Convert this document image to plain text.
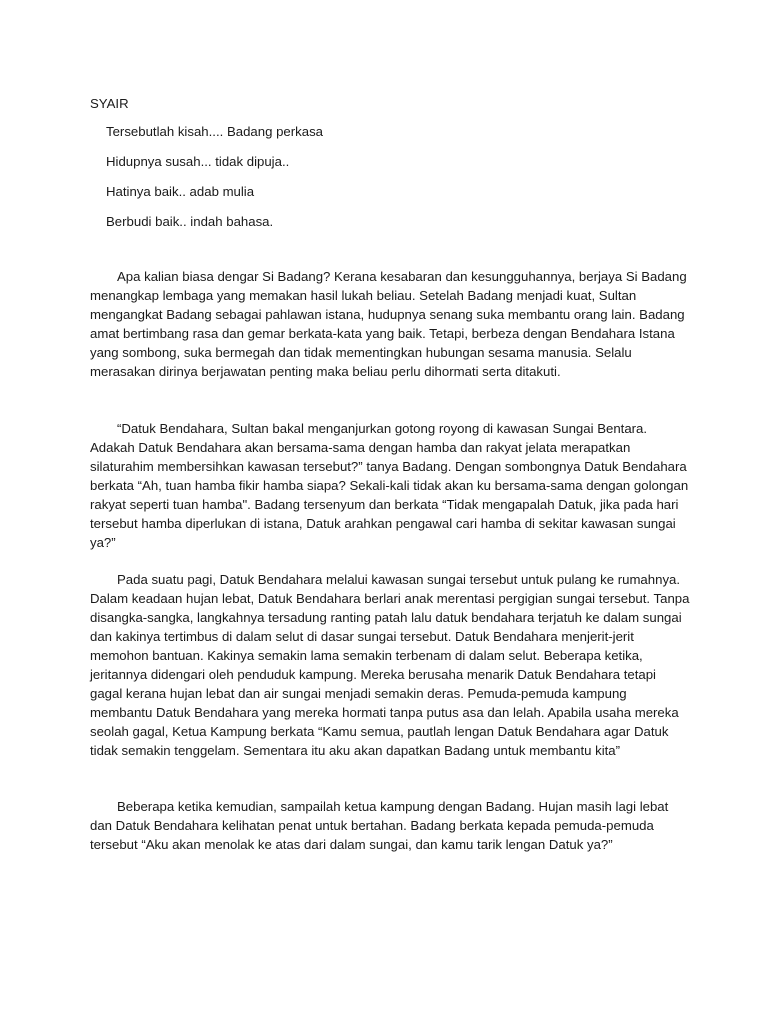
SYAIR
Tersebutlah kisah.... Badang perkasa
Hidupnya susah... tidak dipuja..
Hatinya baik.. adab mulia
Berbudi baik.. indah bahasa.

Apa kalian biasa dengar Si Badang? Kerana kesabaran dan kesungguhannya, berjaya Si Badang menangkap lembaga yang memakan hasil lukah beliau. Setelah Badang menjadi kuat, Sultan mengangkat Badang sebagai pahlawan istana, hudupnya senang suka membantu orang lain. Badang amat bertimbang rasa dan gemar berkata-kata yang baik. Tetapi, berbeza dengan Bendahara Istana yang sombong, suka bermegah dan tidak mementingkan hubungan sesama manusia. Selalu merasakan dirinya berjawatan penting maka beliau perlu dihormati serta ditakuti.

“Datuk Bendahara, Sultan bakal menganjurkan gotong royong di kawasan Sungai Bentara. Adakah Datuk Bendahara akan bersama-sama dengan hamba dan rakyat jelata merapatkan silaturahim membersihkan kawasan tersebut?” tanya Badang. Dengan sombongnya Datuk Bendahara berkata “Ah, tuan hamba fikir hamba siapa? Sekali-kali tidak akan ku bersama-sama dengan golongan rakyat seperti tuan hamba". Badang tersenyum dan berkata “Tidak mengapalah Datuk, jika pada hari tersebut hamba diperlukan di istana, Datuk arahkan pengawal cari hamba di sekitar kawasan sungai ya?”

Pada suatu pagi, Datuk Bendahara melalui kawasan sungai tersebut untuk pulang ke rumahnya. Dalam keadaan hujan lebat, Datuk Bendahara berlari anak merentasi pergigian sungai tersebut. Tanpa disangka-sangka, langkahnya tersadung ranting patah lalu datuk bendahara terjatuh ke dalam sungai dan kakinya tertimbus di dalam selut di dasar sungai tersebut. Datuk Bendahara menjerit-jerit memohon bantuan. Kakinya semakin lama semakin terbenam di dalam selut. Beberapa ketika, jeritannya didengari oleh penduduk kampung. Mereka berusaha menarik Datuk Bendahara tetapi gagal kerana hujan lebat dan air sungai menjadi semakin deras. Pemuda-pemuda kampung membantu Datuk Bendahara yang mereka hormati tanpa putus asa dan lelah. Apabila usaha mereka seolah gagal, Ketua Kampung berkata “Kamu semua, pautlah lengan Datuk Bendahara agar Datuk tidak semakin tenggelam. Sementara itu aku akan dapatkan Badang untuk membantu kita”

Beberapa ketika kemudian, sampailah ketua kampung dengan Badang. Hujan masih lagi lebat dan Datuk Bendahara kelihatan penat untuk bertahan. Badang berkata kepada pemuda-pemuda tersebut “Aku akan menolak ke atas dari dalam sungai, dan kamu tarik lengan Datuk ya?”
